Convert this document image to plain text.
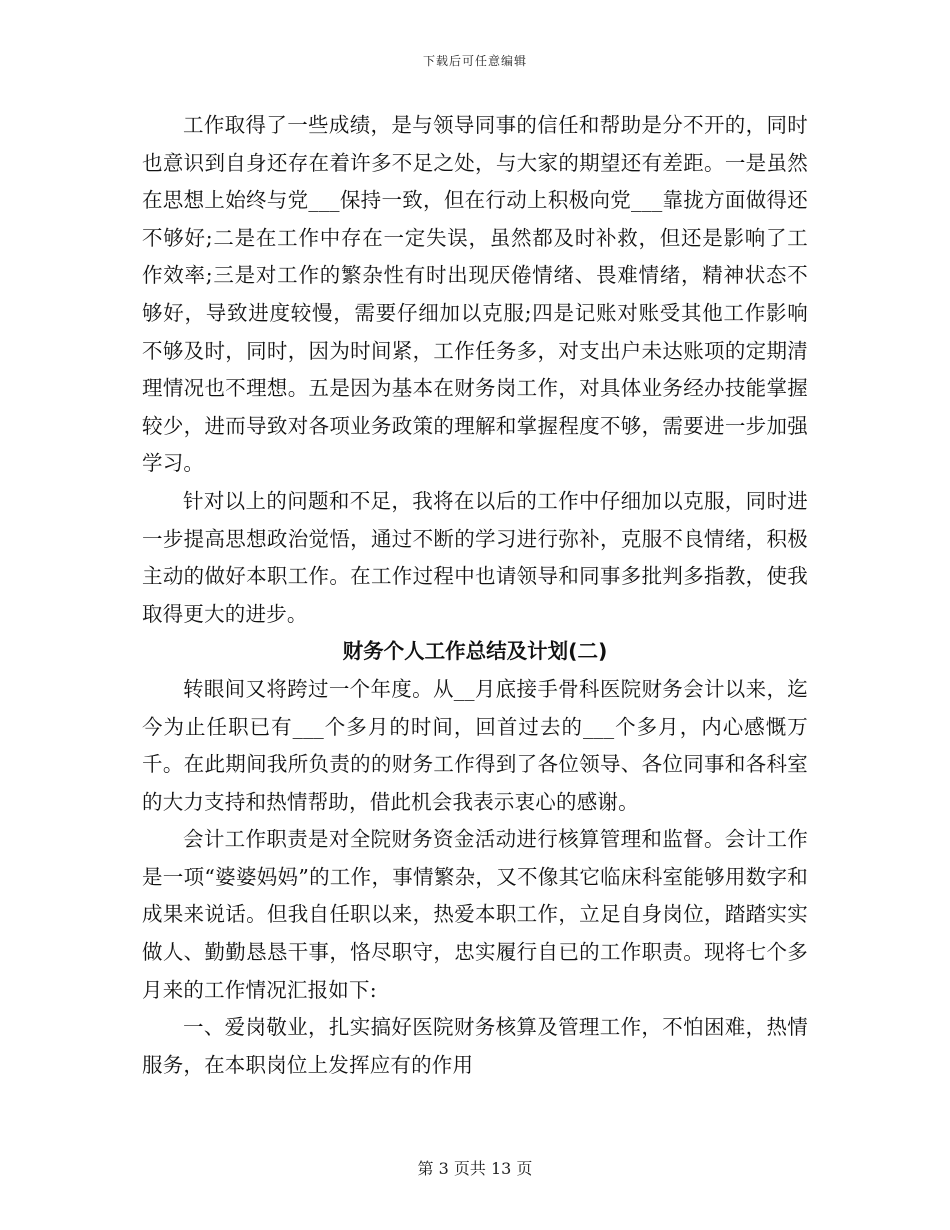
下载后可任意编辑

工作取得了一些成绩，是与领导同事的信任和帮助是分不开的，同时也意识到自身还存在着许多不足之处，与大家的期望还有差距。一是虽然在思想上始终与党___保持一致，但在行动上积极向党___靠拢方面做得还不够好;二是在工作中存在一定失误，虽然都及时补救，但还是影响了工作效率;三是对工作的繁杂性有时出现厌倦情绪、畏难情绪，精神状态不够好，导致进度较慢，需要仔细加以克服;四是记账对账受其他工作影响不够及时，同时，因为时间紧，工作任务多，对支出户未达账项的定期清理情况也不理想。五是因为基本在财务岗工作，对具体业务经办技能掌握较少，进而导致对各项业务政策的理解和掌握程度不够，需要进一步加强学习。

针对以上的问题和不足，我将在以后的工作中仔细加以克服，同时进一步提高思想政治觉悟，通过不断的学习进行弥补，克服不良情绪，积极主动的做好本职工作。在工作过程中也请领导和同事多批判多指教，使我取得更大的进步。

财务个人工作总结及计划(二)

转眼间又将跨过一个年度。从__月底接手骨科医院财务会计以来，迄今为止任职已有___个多月的时间，回首过去的___个多月，内心感慨万千。在此期间我所负责的的财务工作得到了各位领导、各位同事和各科室的大力支持和热情帮助，借此机会我表示衷心的感谢。

会计工作职责是对全院财务资金活动进行核算管理和监督。会计工作是一项“婆婆妈妈”的工作，事情繁杂，又不像其它临床科室能够用数字和成果来说话。但我自任职以来，热爱本职工作，立足自身岗位，踏踏实实做人、勤勤恳恳干事，恪尽职守，忠实履行自已的工作职责。现将七个多月来的工作情况汇报如下:

一、爱岗敬业，扎实搞好医院财务核算及管理工作，不怕困难，热情服务，在本职岗位上发挥应有的作用

第 3 页共 13 页
